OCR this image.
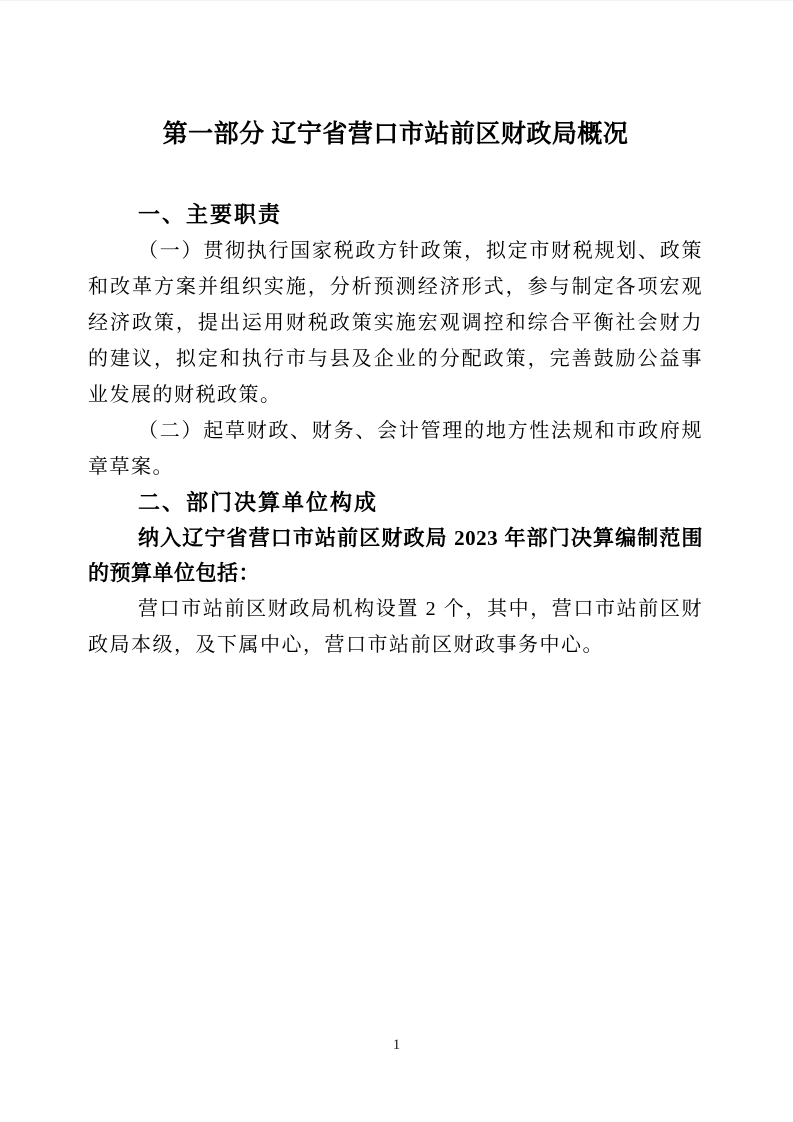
第一部分 辽宁省营口市站前区财政局概况
一、主要职责

（一）贯彻执行国家税政方针政策，拟定市财税规划、政策和改革方案并组织实施，分析预测经济形式，参与制定各项宏观经济政策，提出运用财税政策实施宏观调控和综合平衡社会财力的建议，拟定和执行市与县及企业的分配政策，完善鼓励公益事业发展的财税政策。

（二）起草财政、财务、会计管理的地方性法规和市政府规章草案。

二、部门决算单位构成

纳入辽宁省营口市站前区财政局 2023 年部门决算编制范围的预算单位包括：

营口市站前区财政局机构设置 2 个，其中，营口市站前区财政局本级，及下属中心，营口市站前区财政事务中心。

1
